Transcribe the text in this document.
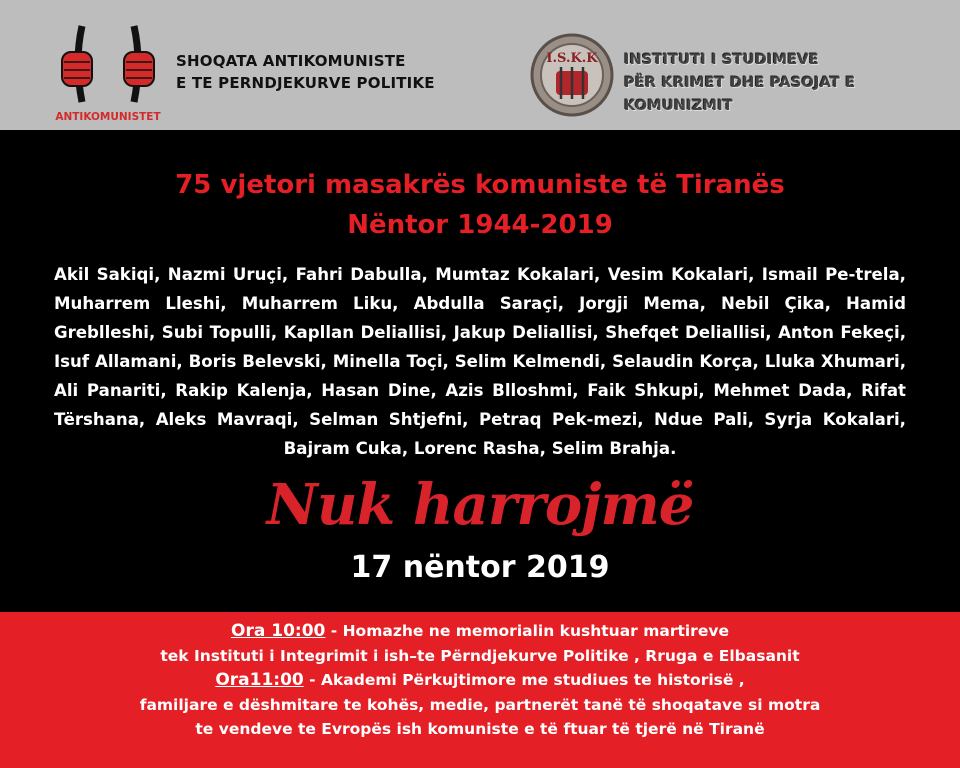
ANTIKOMUNISTET
SHOQATA ANTIKOMUNISTE
E TE PERNDJEKURVE POLITIKE
I.S.K.K INSTITUTI I STUDIMEVE
PËR KRIMET DHE PASOJAT E KOMUNIZMIT
75 vjetori masakrës komuniste të Tiranës
Nëntor 1944-2019
Akil Sakiqi, Nazmi Uruçi, Fahri Dabulla, Mumtaz Kokalari, Vesim Kokalari, Ismail Pe-trela, Muharrem Lleshi, Muharrem Liku, Abdulla Saraçi, Jorgji Mema, Nebil Çika, Hamid Greblleshi, Subi Topulli, Kapllan Deliallisi, Jakup Deliallisi, Shefqet Deliallisi, Anton Fekeçi, Isuf Allamani, Boris Belevski, Minella Toçi, Selim Kelmendi, Selaudin Korça, Lluka Xhumari, Ali Panariti, Rakip Kalenja, Hasan Dine, Azis Blloshmi, Faik Shkupi, Mehmet Dada, Rifat Tërshana, Aleks Mavraqi, Selman Shtjefni, Petraq Pek-mezi, Ndue Pali, Syrja Kokalari, Bajram Cuka, Lorenc Rasha, Selim Brahja.
Nuk harrojmë
17 nëntor 2019
Ora 10:00 - Homazhe ne memorialin kushtuar martireve
tek Instituti i Integrimit i ish–te Përndjekurve Politike , Rruga e Elbasanit
Ora11:00 - Akademi Përkujtimore me studiues te historisë ,
familjare e dëshmitare te kohës, medie, partnerët tanë të shoqatave si motra
te vendeve te Evropës ish komuniste e të ftuar të tjerë në Tiranë
